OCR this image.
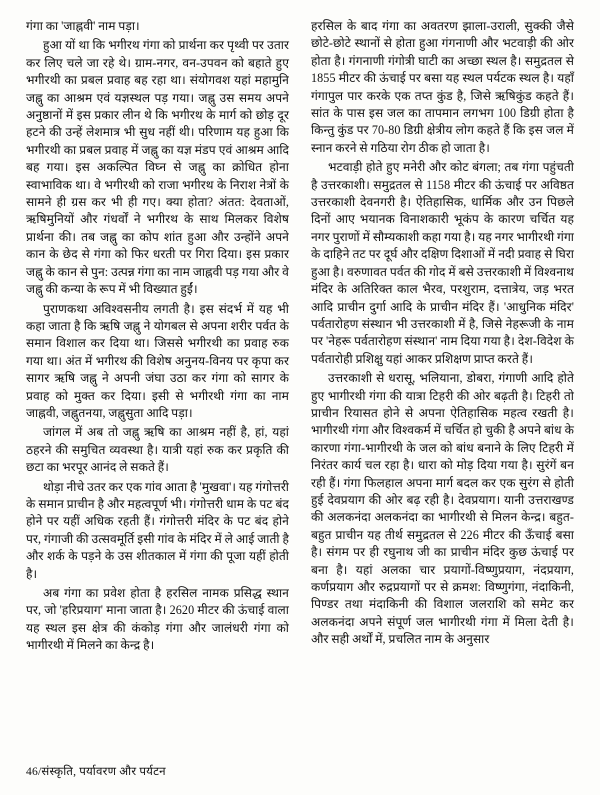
गंगा का 'जाह्नवी' नाम पड़ा।

हुआ यों था कि भगीरथ गंगा को प्रार्थना कर पृथ्वी पर उतार कर लिए चले जा रहे थे। ग्राम-नगर, वन-उपवन को बहाते हुए भगीरथी का प्रबल प्रवाह बह रहा था। संयोगवश यहां महामुनि जह्नु का आश्रम एवं यज्ञस्थल पड़ गया। जह्नु उस समय अपने अनुष्ठानों में इस प्रकार लीन थे कि भगीरथ के मार्ग को छोड़ दूर हटने की उन्हें लेशमात्र भी सुध नहीं थी। परिणाम यह हुआ कि भगीरथी का प्रबल प्रवाह में जह्नु का यज्ञ मंडप एवं आश्रम आदि बह गया। इस अकल्पित विघ्न से जह्नु का क्रोधित होना स्वाभाविक था। वे भगीरथी को राजा भगीरथ के निराश नेत्रों के सामने ही ग्रस कर भी ही गए। क्या होता? अंतत: देवताओं, ऋषिमुनियों और गंधर्वों ने भगीरथ के साथ मिलकर विशेष प्रार्थना की। तब जह्नु का कोप शांत हुआ और उन्होंने अपने कान के छेद से गंगा को फिर धरती पर गिरा दिया। इस प्रकार जह्नु के कान से पुन: उत्पन्न गंगा का नाम जाह्नवी पड़ गया और वे जह्नु की कन्या के रूप में भी विख्यात हुईं।

पुराणकथा अविश्वसनीय लगती है। इस संदर्भ में यह भी कहा जाता है कि ऋषि जह्नु ने योगबल से अपना शरीर पर्वत के समान विशाल कर दिया था। जिससे भगीरथी का प्रवाह रुक गया था। अंत में भगीरथ की विशेष अनुनय-विनय पर कृपा कर सागर ऋषि जह्नु ने अपनी जंघा उठा कर गंगा को सागर के प्रवाह को मुक्त कर दिया। इसी से भगीरथी गंगा का नाम जाह्नवी, जह्नुतनया, जह्नुसुता आदि पड़ा।

जांगल में अब तो जह्नु ऋषि का आश्रम नहीं है, हां, यहां ठहरने की समुचित व्यवस्था है। यात्री यहां रुक कर प्रकृति की छटा का भरपूर आनंद ले सकते हैं।

थोड़ा नीचे उतर कर एक गांव आता है 'मुखवा'। यह गंगोत्तरी के समान प्राचीन है और महत्वपूर्ण भी। गंगोत्तरी धाम के पट बंद होने पर यहीं अधिक रहती हैं। गंगोत्तरी मंदिर के पट बंद होने पर, गंगाजी की उत्सवमूर्ति इसी गांव के मंदिर में ले आई जाती है और शर्क के पड़ने के उस शीतकाल में गंगा की पूजा यहीं होती है।

अब गंगा का प्रवेश होता है हरसिल नामक प्रसिद्ध स्थान पर, जो 'हरिप्रयाग' माना जाता है। 2620 मीटर की ऊंचाई वाला यह स्थल इस क्षेत्र की कंकोड़ गंगा और जालंधरी गंगा को भागीरथी में मिलने का केन्द्र है।

हरसिल के बाद गंगा का अवतरण झाला-उराली, सुक्की जैसे छोटे-छोटे स्थानों से होता हुआ गंगनाणी और भटवाड़ी की ओर होता है। गंगनाणी गंगोत्री घाटी का अच्छा स्थल है। समुद्रतल से 1855 मीटर की ऊंचाई पर बसा यह स्थल पर्यटक स्थल है। यहाँ गंगापुल पार करके एक तप्त कुंड है, जिसे ऋषिकुंड कहते हैं। सांत के पास इस जल का तापमान लगभग 100 डिग्री होता है किन्तु कुंड पर 70-80 डिग्री क्षेत्रीय लोग कहते हैं कि इस जल में स्नान करने से गठिया रोग ठीक हो जाता है।

भटवाड़ी होते हुए मनेरी और कोट बंगला; तब गंगा पहुंचती है उत्तरकाशी। समुद्रतल से 1158 मीटर की ऊंचाई पर अविष्ठत उत्तरकाशी देवनगरी है। ऐतिहासिक, धार्मिक और उन पिछले दिनों आए भयानक विनाशकारी भूकंप के कारण चर्चित यह नगर पुराणों में सौम्यकाशी कहा गया है। यह नगर भागीरथी गंगा के दाहिने तट पर दूर्घ और दक्षिण दिशाओं में नदी प्रवाह से घिरा हुआ है। वरुणावत पर्वत की गोद में बसे उत्तरकाशी में विश्वनाथ मंदिर के अतिरिक्त काल भैरव, परशुराम, दत्तात्रेय, जड़ भरत आदि प्राचीन दुर्गा आदि के प्राचीन मंदिर हैं। 'आधुनिक मंदिर' पर्वतारोहण संस्थान भी उत्तरकाशी में है, जिसे नेहरूजी के नाम पर 'नेहरू पर्वतारोहण संस्थान' नाम दिया गया है। देश-विदेश के पर्वतारोही प्रशिक्षु यहां आकर प्रशिक्षण प्राप्त करते हैं।

उत्तरकाशी से धरासू, भलियाना, डोबरा, गंगाणी आदि होते हुए भागीरथी गंगा की यात्रा टिहरी की ओर बढ़ती है। टिहरी तो प्राचीन रियासत होने से अपना ऐतिहासिक महत्व रखती है। भागीरथी गंगा और विश्वकर्म में चर्चित हो चुकी है अपने बांध के कारणा गंगा-भागीरथी के जल को बांध बनाने के लिए टिहरी में निरंतर कार्य चल रहा है। धारा को मोड़ दिया गया है। सुरंगें बन रही हैं। गंगा फिलहाल अपना मार्ग बदल कर एक सुरंग से होती हुई देवप्रयाग की ओर बढ़ रही है। देवप्रयाग। यानी उत्तराखण्ड की अलकनंदा अलकनंदा का भागीरथी से मिलन केन्द्र। बहुत-बहुत प्राचीन यह तीर्थ समुद्रतल से 226 मीटर की ऊँचाई बसा है। संगम पर ही रघुनाथ जी का प्राचीन मंदिर कुछ ऊंचाई पर बना है। यहां अलका चार प्रयागों-विष्णुप्रयाग, नंदप्रयाग, कर्णप्रयाग और रुद्रप्रयागों पर से क्रमश: विष्णुगंगा, नंदाकिनी, पिण्डर तथा मंदाकिनी की विशाल जलराशि को समेट कर अलकनंदा अपने संपूर्ण जल भागीरथी गंगा में मिला देती है। और सही अर्थों में, प्रचलित नाम के अनुसार

46/संस्कृति, पर्यावरण और पर्यटन
